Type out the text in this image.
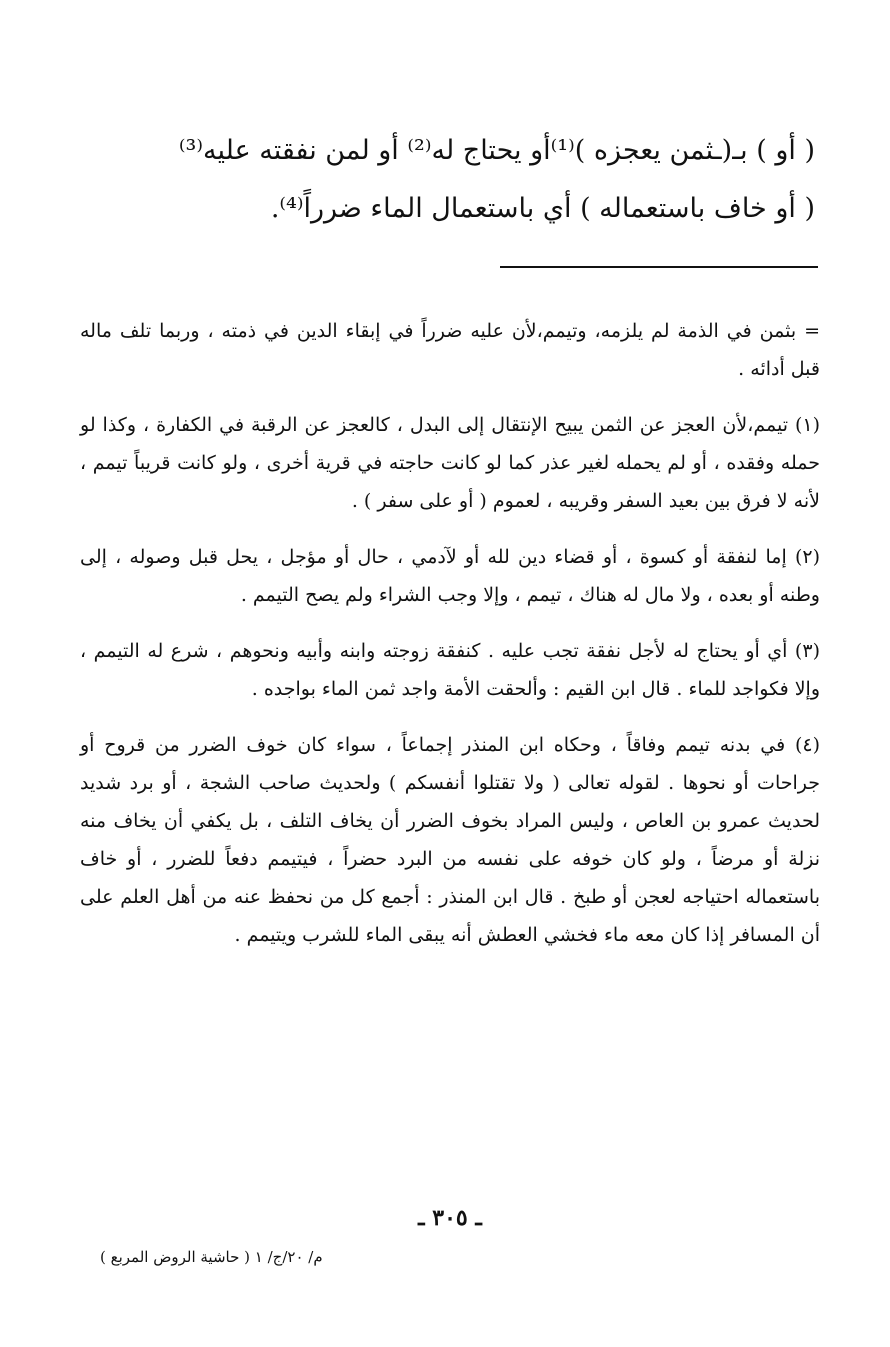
( أو ) بـ(ـثمن يعجزه )⁽¹⁾أو يحتاج له⁽²⁾ أو لمن نفقته عليه⁽³⁾
( أو خاف باستعماله ) أي باستعمال الماء ضرراً⁽⁴⁾.

= بثمن في الذمة لم يلزمه، وتيمم،لأن عليه ضرراً في إبقاء الدين في ذمته ، وربما تلف ماله قبل أدائه .

(١) تيمم،لأن العجز عن الثمن يبيح الإنتقال إلى البدل ، كالعجز عن الرقبة في الكفارة ، وكذا لو حمله وفقده ، أو لم يحمله لغير عذر كما لو كانت حاجته في قرية أخرى ، ولو كانت قريباً تيمم ، لأنه لا فرق بين بعيد السفر وقريبه ، لعموم ( أو على سفر ) .

(٢) إما لنفقة أو كسوة ، أو قضاء دين لله أو لآدمي ، حال أو مؤجل ، يحل قبل وصوله ، إلى وطنه أو بعده ، ولا مال له هناك ، تيمم ، وإلا وجب الشراء ولم يصح التيمم .

(٣) أي أو يحتاج له لأجل نفقة تجب عليه . كنفقة زوجته وابنه وأبيه ونحوهم ، شرع له التيمم ، وإلا فكواجد للماء . قال ابن القيم : وألحقت الأمة واجد ثمن الماء بواجده .

(٤) في بدنه تيمم وفاقاً ، وحكاه ابن المنذر إجماعاً ، سواء كان خوف الضرر من قروح أو جراحات أو نحوها . لقوله تعالى ( ولا تقتلوا أنفسكم ) ولحديث صاحب الشجة ، أو برد شديد لحديث عمرو بن العاص ، وليس المراد بخوف الضرر أن يخاف التلف ، بل يكفي أن يخاف منه نزلة أو مرضاً ، ولو كان خوفه على نفسه من البرد حضراً ، فيتيمم دفعاً للضرر ، أو خاف باستعماله احتياجه لعجن أو طبخ . قال ابن المنذر : أجمع كل من نحفظ عنه من أهل العلم على أن المسافر إذا كان معه ماء فخشي العطش أنه يبقى الماء للشرب ويتيمم .

ـ ٣٠٥ ـ
م/ ٢٠/ج/ ١ ( حاشية الروض المربع )
